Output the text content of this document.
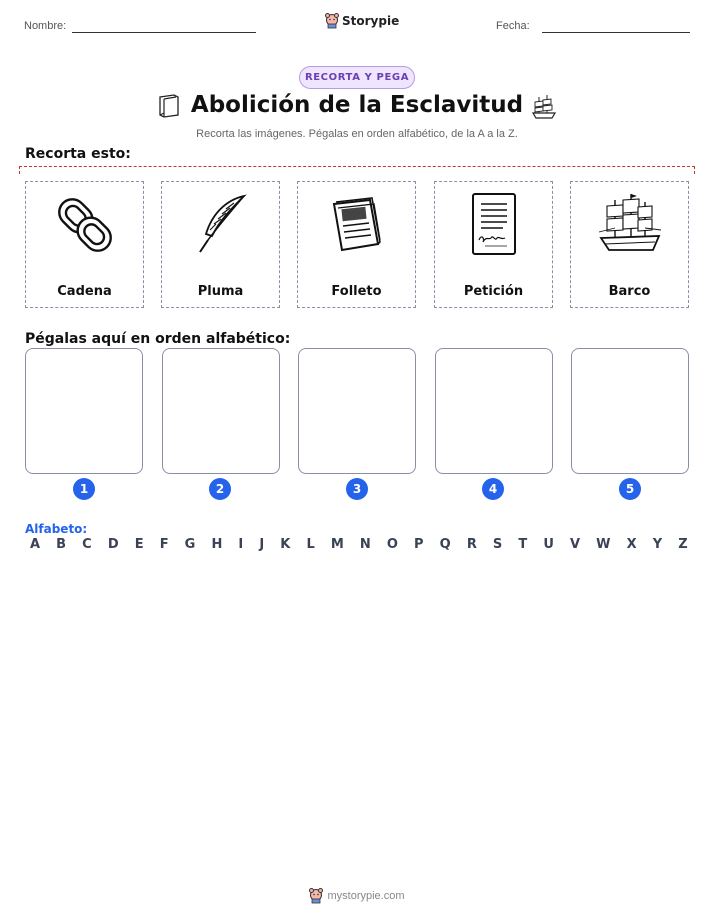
Nombre:	Storypie	Fecha:
RECORTA Y PEGA
Abolición de la Esclavitud
Recorta las imágenes. Pégalas en orden alfabético, de la A a la Z.
Recorta esto:
Cadena	Pluma	Folleto	Petición	Barco
Pégalas aquí en orden alfabético:
1	2	3	4	5
Alfabeto:
A B C D E F G H I J K L M N O P Q R S T U V W X Y Z
mystorypie.com
